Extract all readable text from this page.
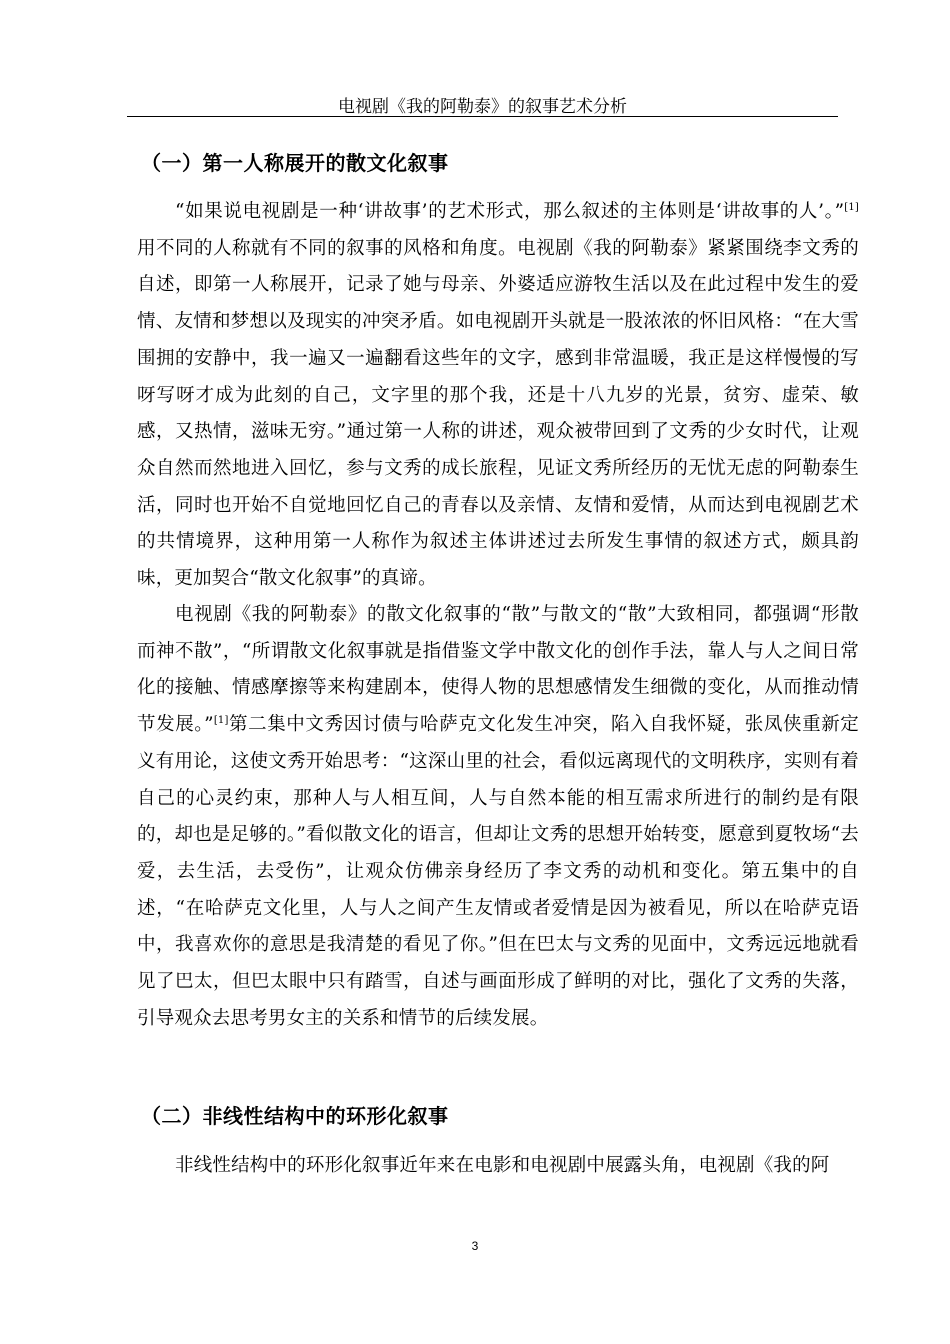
电视剧《我的阿勒泰》的叙事艺术分析
（一）第一人称展开的散文化叙事

“如果说电视剧是一种‘讲故事’的艺术形式，那么叙述的主体则是‘讲故事的人’。”[1]用不同的人称就有不同的叙事的风格和角度。电视剧《我的阿勒泰》紧紧围绕李文秀的自述，即第一人称展开，记录了她与母亲、外婆适应游牧生活以及在此过程中发生的爱情、友情和梦想以及现实的冲突矛盾。如电视剧开头就是一股浓浓的怀旧风格：“在大雪围拥的安静中，我一遍又一遍翻看这些年的文字，感到非常温暖，我正是这样慢慢的写呀写呀才成为此刻的自己，文字里的那个我，还是十八九岁的光景，贫穷、虚荣、敏感，又热情，滋味无穷。”通过第一人称的讲述，观众被带回到了文秀的少女时代，让观众自然而然地进入回忆，参与文秀的成长旅程，见证文秀所经历的无忧无虑的阿勒泰生活，同时也开始不自觉地回忆自己的青春以及亲情、友情和爱情，从而达到电视剧艺术的共情境界，这种用第一人称作为叙述主体讲述过去所发生事情的叙述方式，颇具韵味，更加契合“散文化叙事”的真谛。

电视剧《我的阿勒泰》的散文化叙事的“散”与散文的“散”大致相同，都强调“形散而神不散”，“所谓散文化叙事就是指借鉴文学中散文化的创作手法，靠人与人之间日常化的接触、情感摩擦等来构建剧本，使得人物的思想感情发生细微的变化，从而推动情节发展。”[1]第二集中文秀因讨债与哈萨克文化发生冲突，陷入自我怀疑，张凤侠重新定义有用论，这使文秀开始思考：“这深山里的社会，看似远离现代的文明秩序，实则有着自己的心灵约束，那种人与人相互间，人与自然本能的相互需求所进行的制约是有限的，却也是足够的。”看似散文化的语言，但却让文秀的思想开始转变，愿意到夏牧场“去爱，去生活，去受伤”，让观众仿佛亲身经历了李文秀的动机和变化。第五集中的自述，“在哈萨克文化里，人与人之间产生友情或者爱情是因为被看见，所以在哈萨克语中，我喜欢你的意思是我清楚的看见了你。”但在巴太与文秀的见面中，文秀远远地就看见了巴太，但巴太眼中只有踏雪，自述与画面形成了鲜明的对比，强化了文秀的失落，引导观众去思考男女主的关系和情节的后续发展。

（二）非线性结构中的环形化叙事

非线性结构中的环形化叙事近年来在电影和电视剧中展露头角，电视剧《我的阿

3
